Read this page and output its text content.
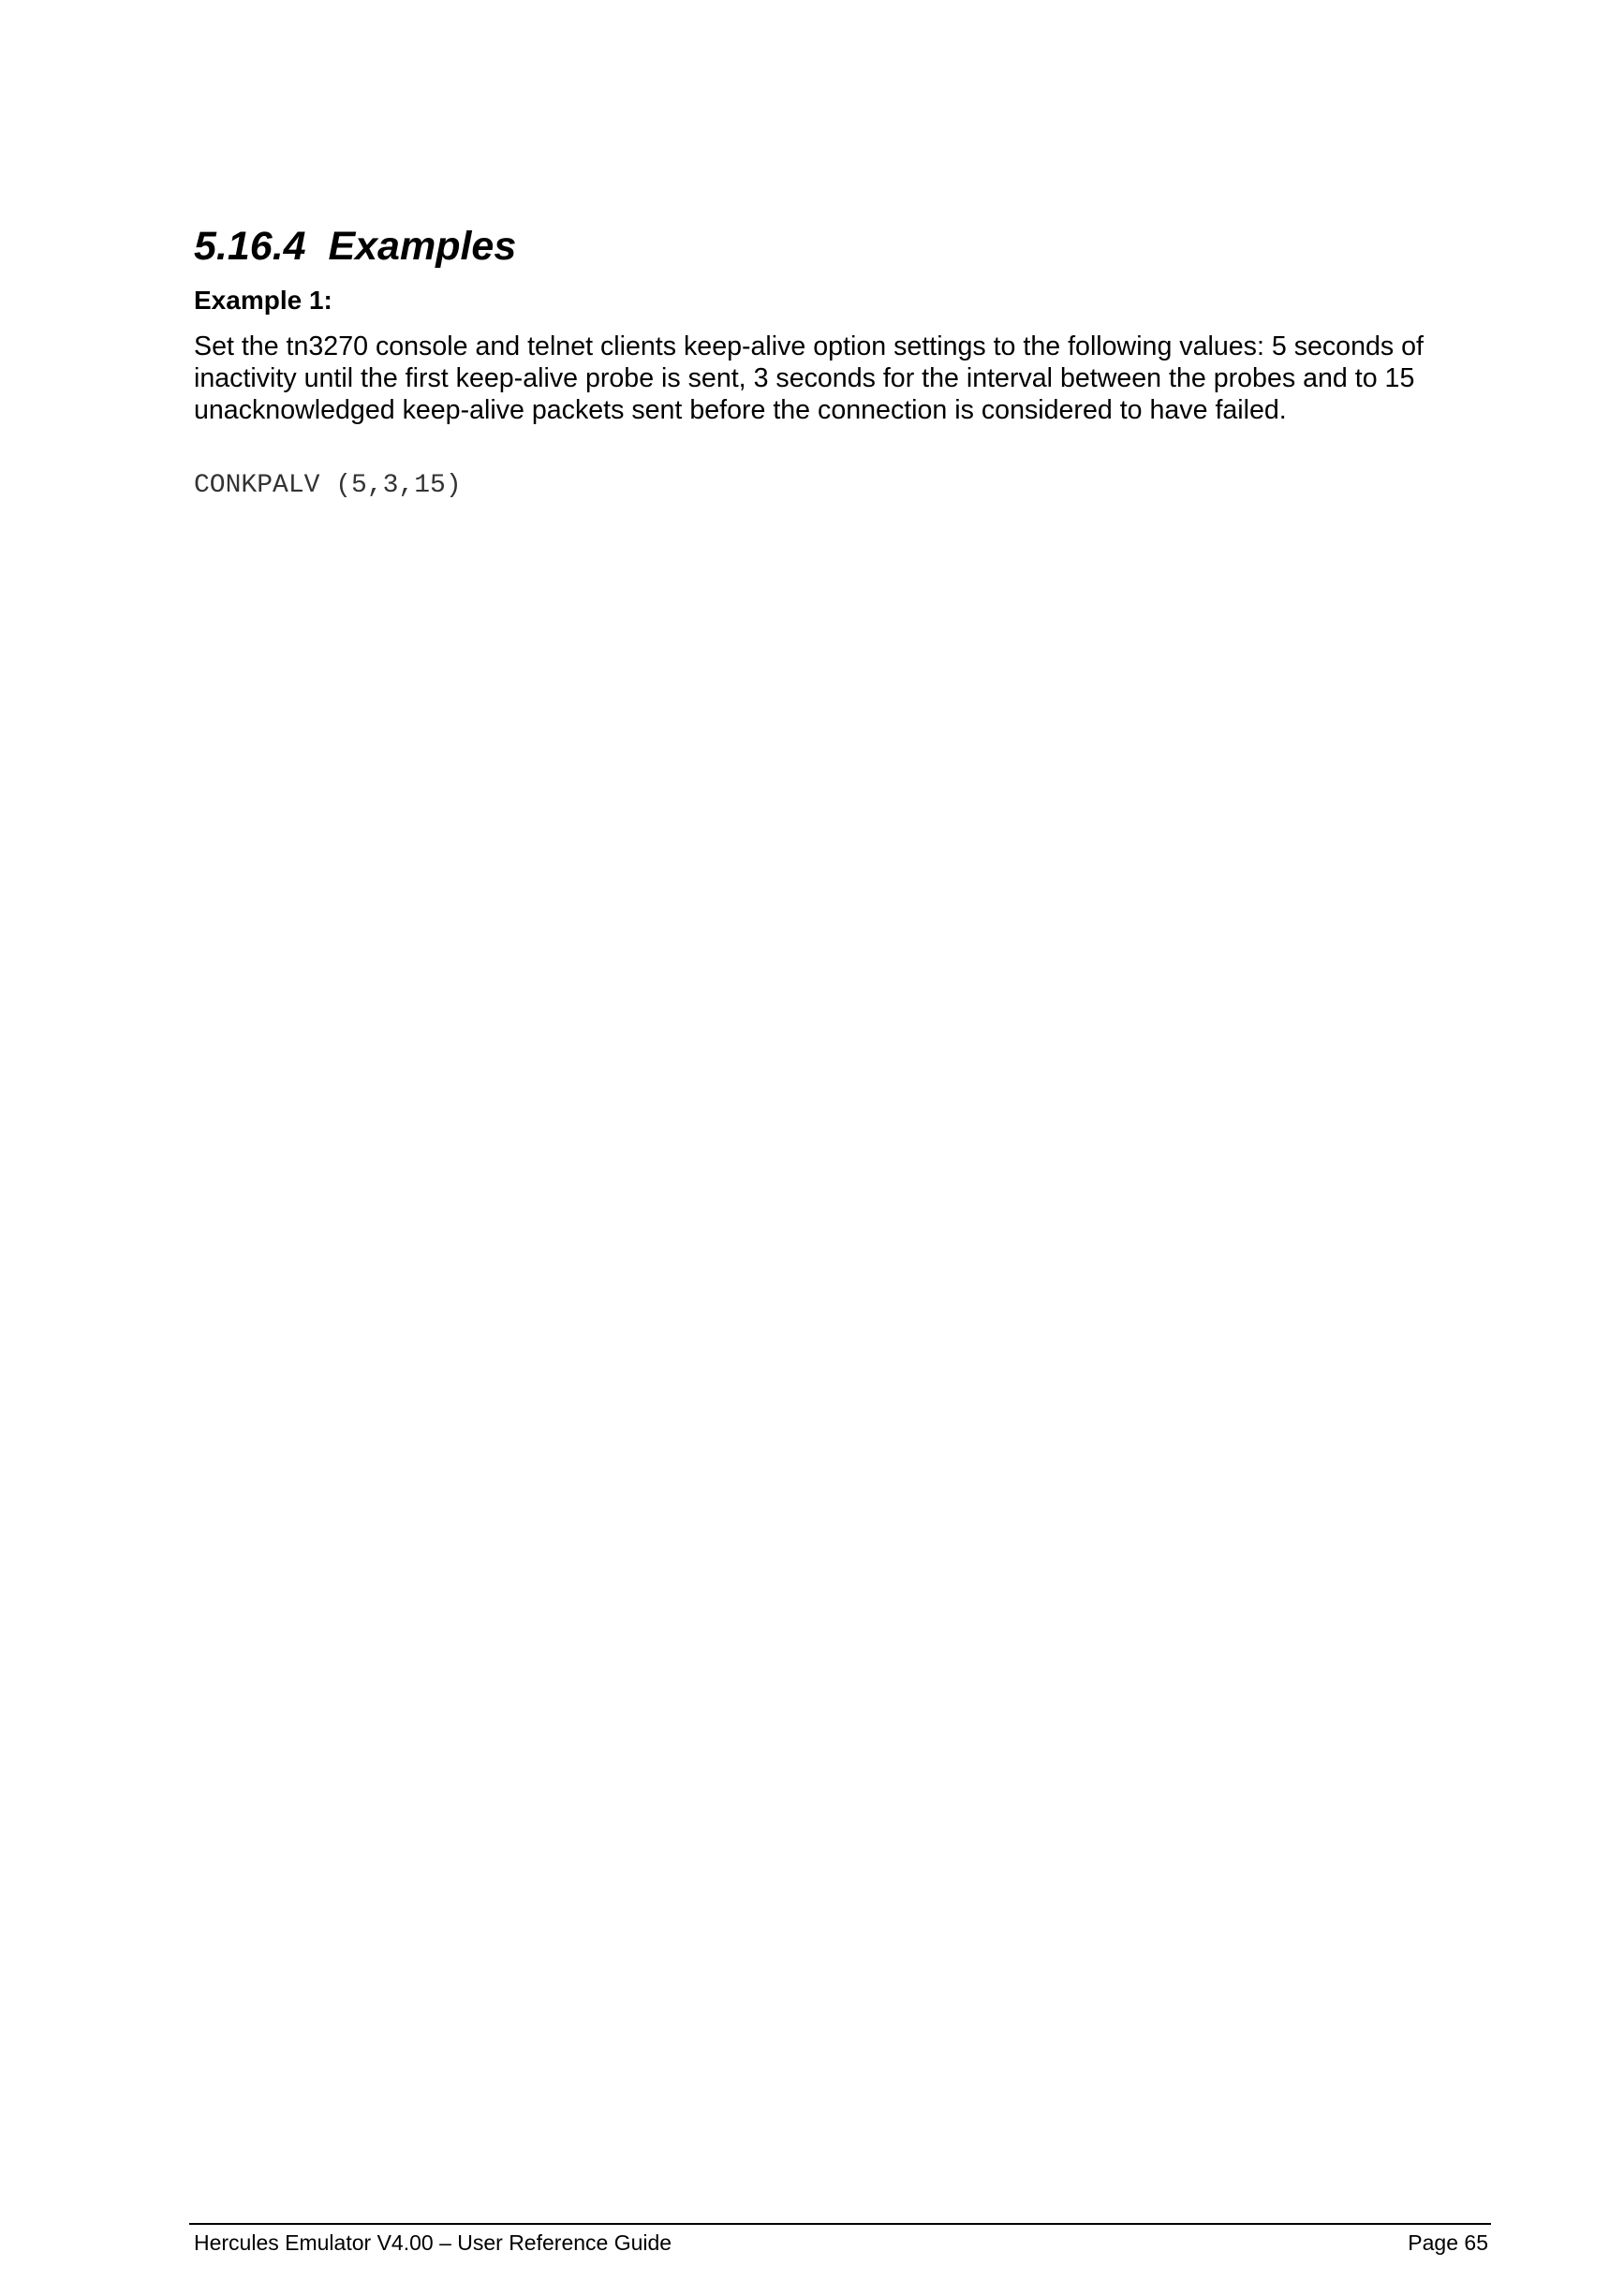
5.16.4  Examples

Example 1:

Set the tn3270 console and telnet clients keep-alive option settings to the following values: 5 seconds of inactivity until the first keep-alive probe is sent, 3 seconds for the interval between the probes and to 15 unacknowledged keep-alive packets sent before the connection is considered to have failed.

CONKPALV (5,3,15)

Hercules Emulator V4.00 – User Reference Guide	Page 65
